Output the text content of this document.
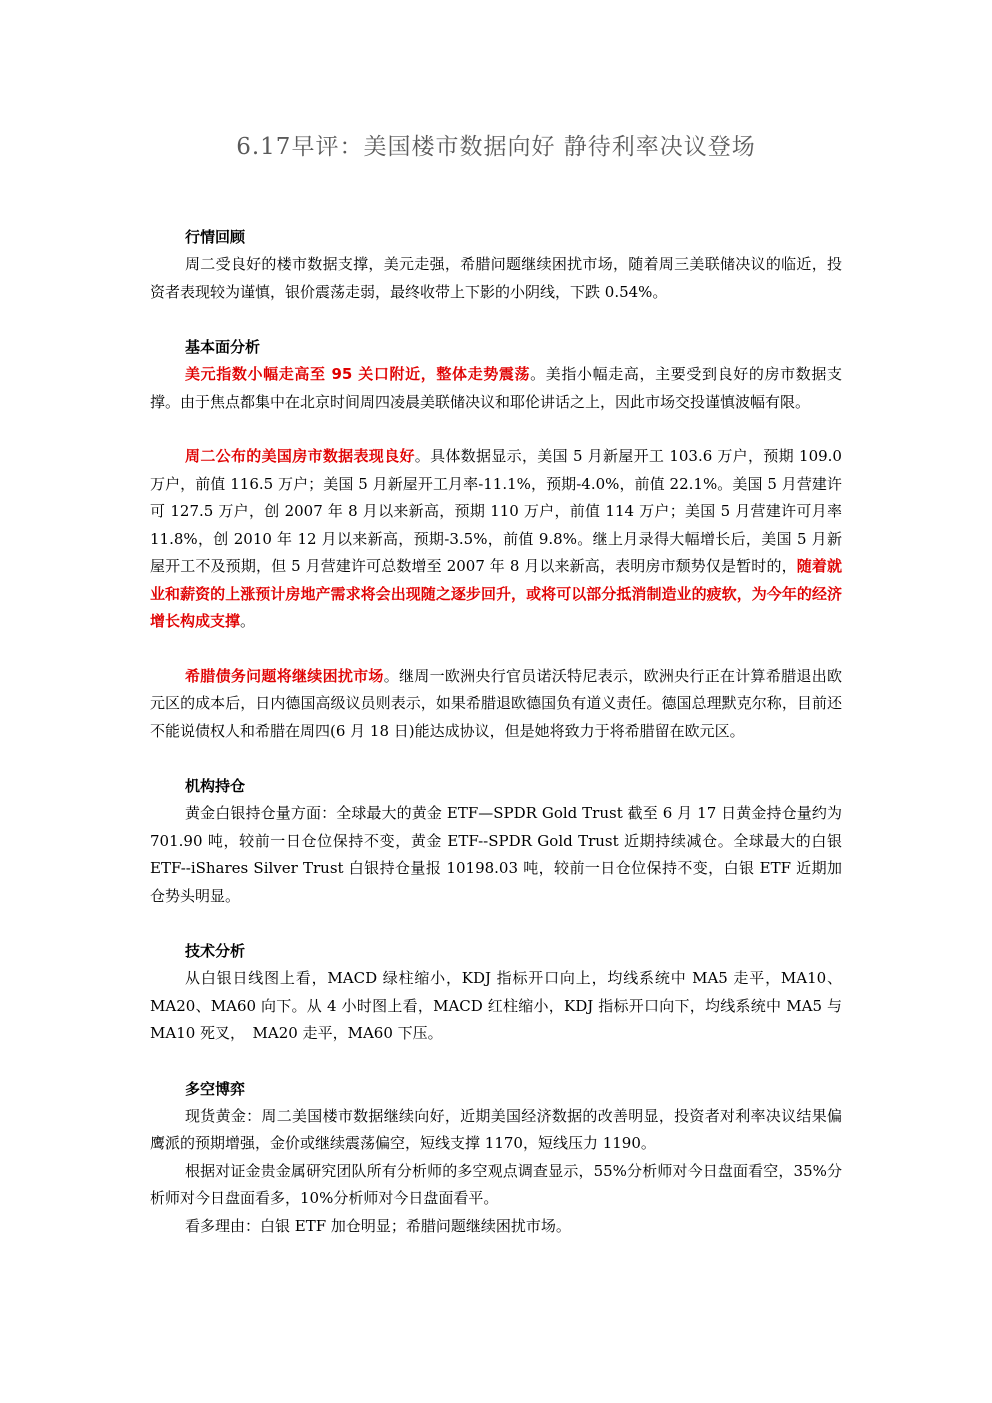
6.17早评：美国楼市数据向好 静待利率决议登场
行情回顾

周二受良好的楼市数据支撑，美元走强，希腊问题继续困扰市场，随着周三美联储决议的临近，投资者表现较为谨慎，银价震荡走弱，最终收带上下影的小阴线，下跌 0.54%。

基本面分析

美元指数小幅走高至 95 关口附近，整体走势震荡。美指小幅走高，主要受到良好的房市数据支撑。由于焦点都集中在北京时间周四凌晨美联储决议和耶伦讲话之上，因此市场交投谨慎波幅有限。

周二公布的美国房市数据表现良好。具体数据显示，美国 5 月新屋开工 103.6 万户，预期 109.0 万户，前值 116.5 万户；美国 5 月新屋开工月率-11.1%，预期-4.0%，前值 22.1%。美国 5 月营建许可 127.5 万户，创 2007 年 8 月以来新高，预期 110 万户，前值 114 万户；美国 5 月营建许可月率 11.8%，创 2010 年 12 月以来新高，预期-3.5%，前值 9.8%。继上月录得大幅增长后，美国 5 月新屋开工不及预期，但 5 月营建许可总数增至 2007 年 8 月以来新高，表明房市颓势仅是暂时的，随着就业和薪资的上涨预计房地产需求将会出现随之逐步回升，或将可以部分抵消制造业的疲软，为今年的经济增长构成支撑。

希腊债务问题将继续困扰市场。继周一欧洲央行官员诺沃特尼表示，欧洲央行正在计算希腊退出欧元区的成本后，日内德国高级议员则表示，如果希腊退欧德国负有道义责任。德国总理默克尔称，目前还不能说债权人和希腊在周四(6 月 18 日)能达成协议，但是她将致力于将希腊留在欧元区。

机构持仓

黄金白银持仓量方面：全球最大的黄金 ETF—SPDR Gold Trust 截至 6 月 17 日黄金持仓量约为 701.90 吨，较前一日仓位保持不变，黄金 ETF--SPDR Gold Trust 近期持续减仓。全球最大的白银 ETF--iShares Silver Trust 白银持仓量报 10198.03 吨，较前一日仓位保持不变，白银 ETF 近期加仓势头明显。

技术分析

从白银日线图上看，MACD 绿柱缩小，KDJ 指标开口向上，均线系统中 MA5 走平，MA10、MA20、MA60 向下。从 4 小时图上看，MACD 红柱缩小，KDJ 指标开口向下，均线系统中 MA5 与 MA10 死叉，　MA20 走平，MA60 下压。

多空博弈

现货黄金：周二美国楼市数据继续向好，近期美国经济数据的改善明显，投资者对利率决议结果偏鹰派的预期增强，金价或继续震荡偏空，短线支撑 1170，短线压力 1190。

根据对证金贵金属研究团队所有分析师的多空观点调查显示，55%分析师对今日盘面看空，35%分析师对今日盘面看多，10%分析师对今日盘面看平。

看多理由：白银 ETF 加仓明显；希腊问题继续困扰市场。
